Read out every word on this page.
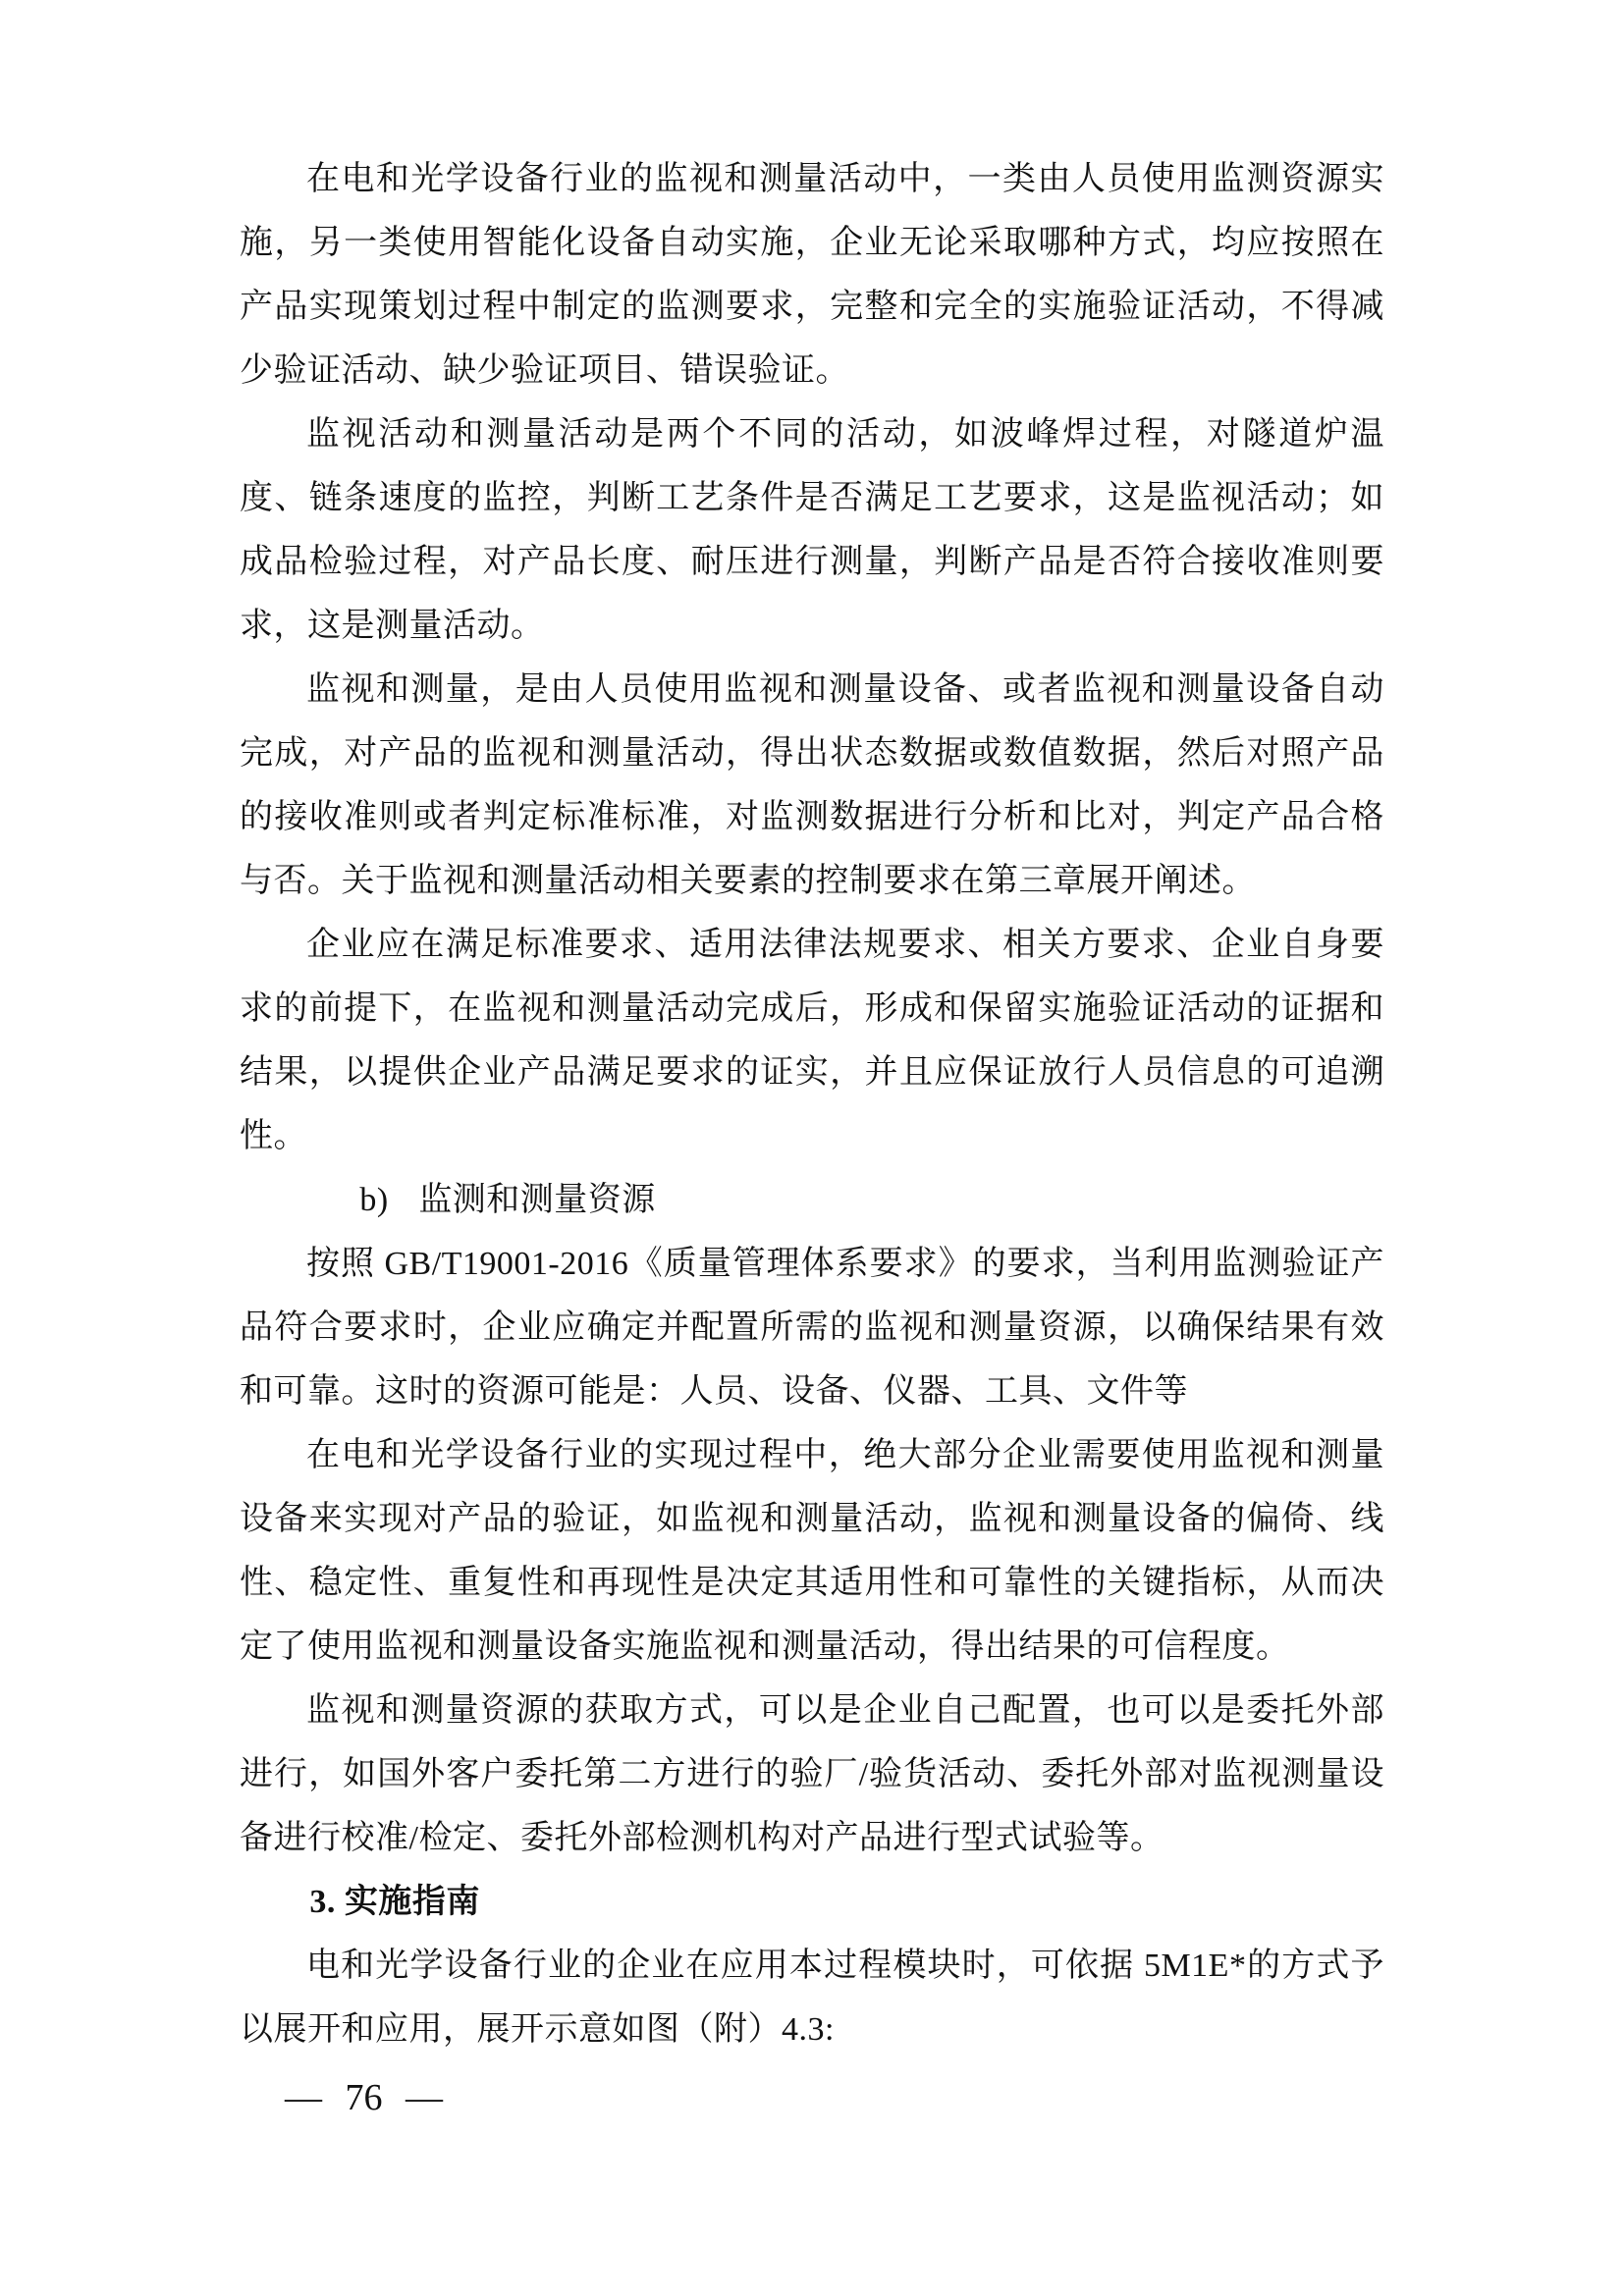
在电和光学设备行业的监视和测量活动中，一类由人员使用监测资源实施，另一类使用智能化设备自动实施，企业无论采取哪种方式，均应按照在产品实现策划过程中制定的监测要求，完整和完全的实施验证活动，不得减少验证活动、缺少验证项目、错误验证。

监视活动和测量活动是两个不同的活动，如波峰焊过程，对隧道炉温度、链条速度的监控，判断工艺条件是否满足工艺要求，这是监视活动；如成品检验过程，对产品长度、耐压进行测量，判断产品是否符合接收准则要求，这是测量活动。

监视和测量，是由人员使用监视和测量设备、或者监视和测量设备自动完成，对产品的监视和测量活动，得出状态数据或数值数据，然后对照产品的接收准则或者判定标准标准，对监测数据进行分析和比对，判定产品合格与否。关于监视和测量活动相关要素的控制要求在第三章展开阐述。

企业应在满足标准要求、适用法律法规要求、相关方要求、企业自身要求的前提下，在监视和测量活动完成后，形成和保留实施验证活动的证据和结果，以提供企业产品满足要求的证实，并且应保证放行人员信息的可追溯性。

b) 监测和测量资源

按照 GB/T19001-2016《质量管理体系要求》的要求，当利用监测验证产品符合要求时，企业应确定并配置所需的监视和测量资源，以确保结果有效和可靠。这时的资源可能是：人员、设备、仪器、工具、文件等

在电和光学设备行业的实现过程中，绝大部分企业需要使用监视和测量设备来实现对产品的验证，如监视和测量活动，监视和测量设备的偏倚、线性、稳定性、重复性和再现性是决定其适用性和可靠性的关键指标，从而决定了使用监视和测量设备实施监视和测量活动，得出结果的可信程度。

监视和测量资源的获取方式，可以是企业自己配置，也可以是委托外部进行，如国外客户委托第二方进行的验厂/验货活动、委托外部对监视测量设备进行校准/检定、委托外部检测机构对产品进行型式试验等。

3. 实施指南

电和光学设备行业的企业在应用本过程模块时，可依据 5M1E*的方式予以展开和应用，展开示意如图（附）4.3:

— 76 —
